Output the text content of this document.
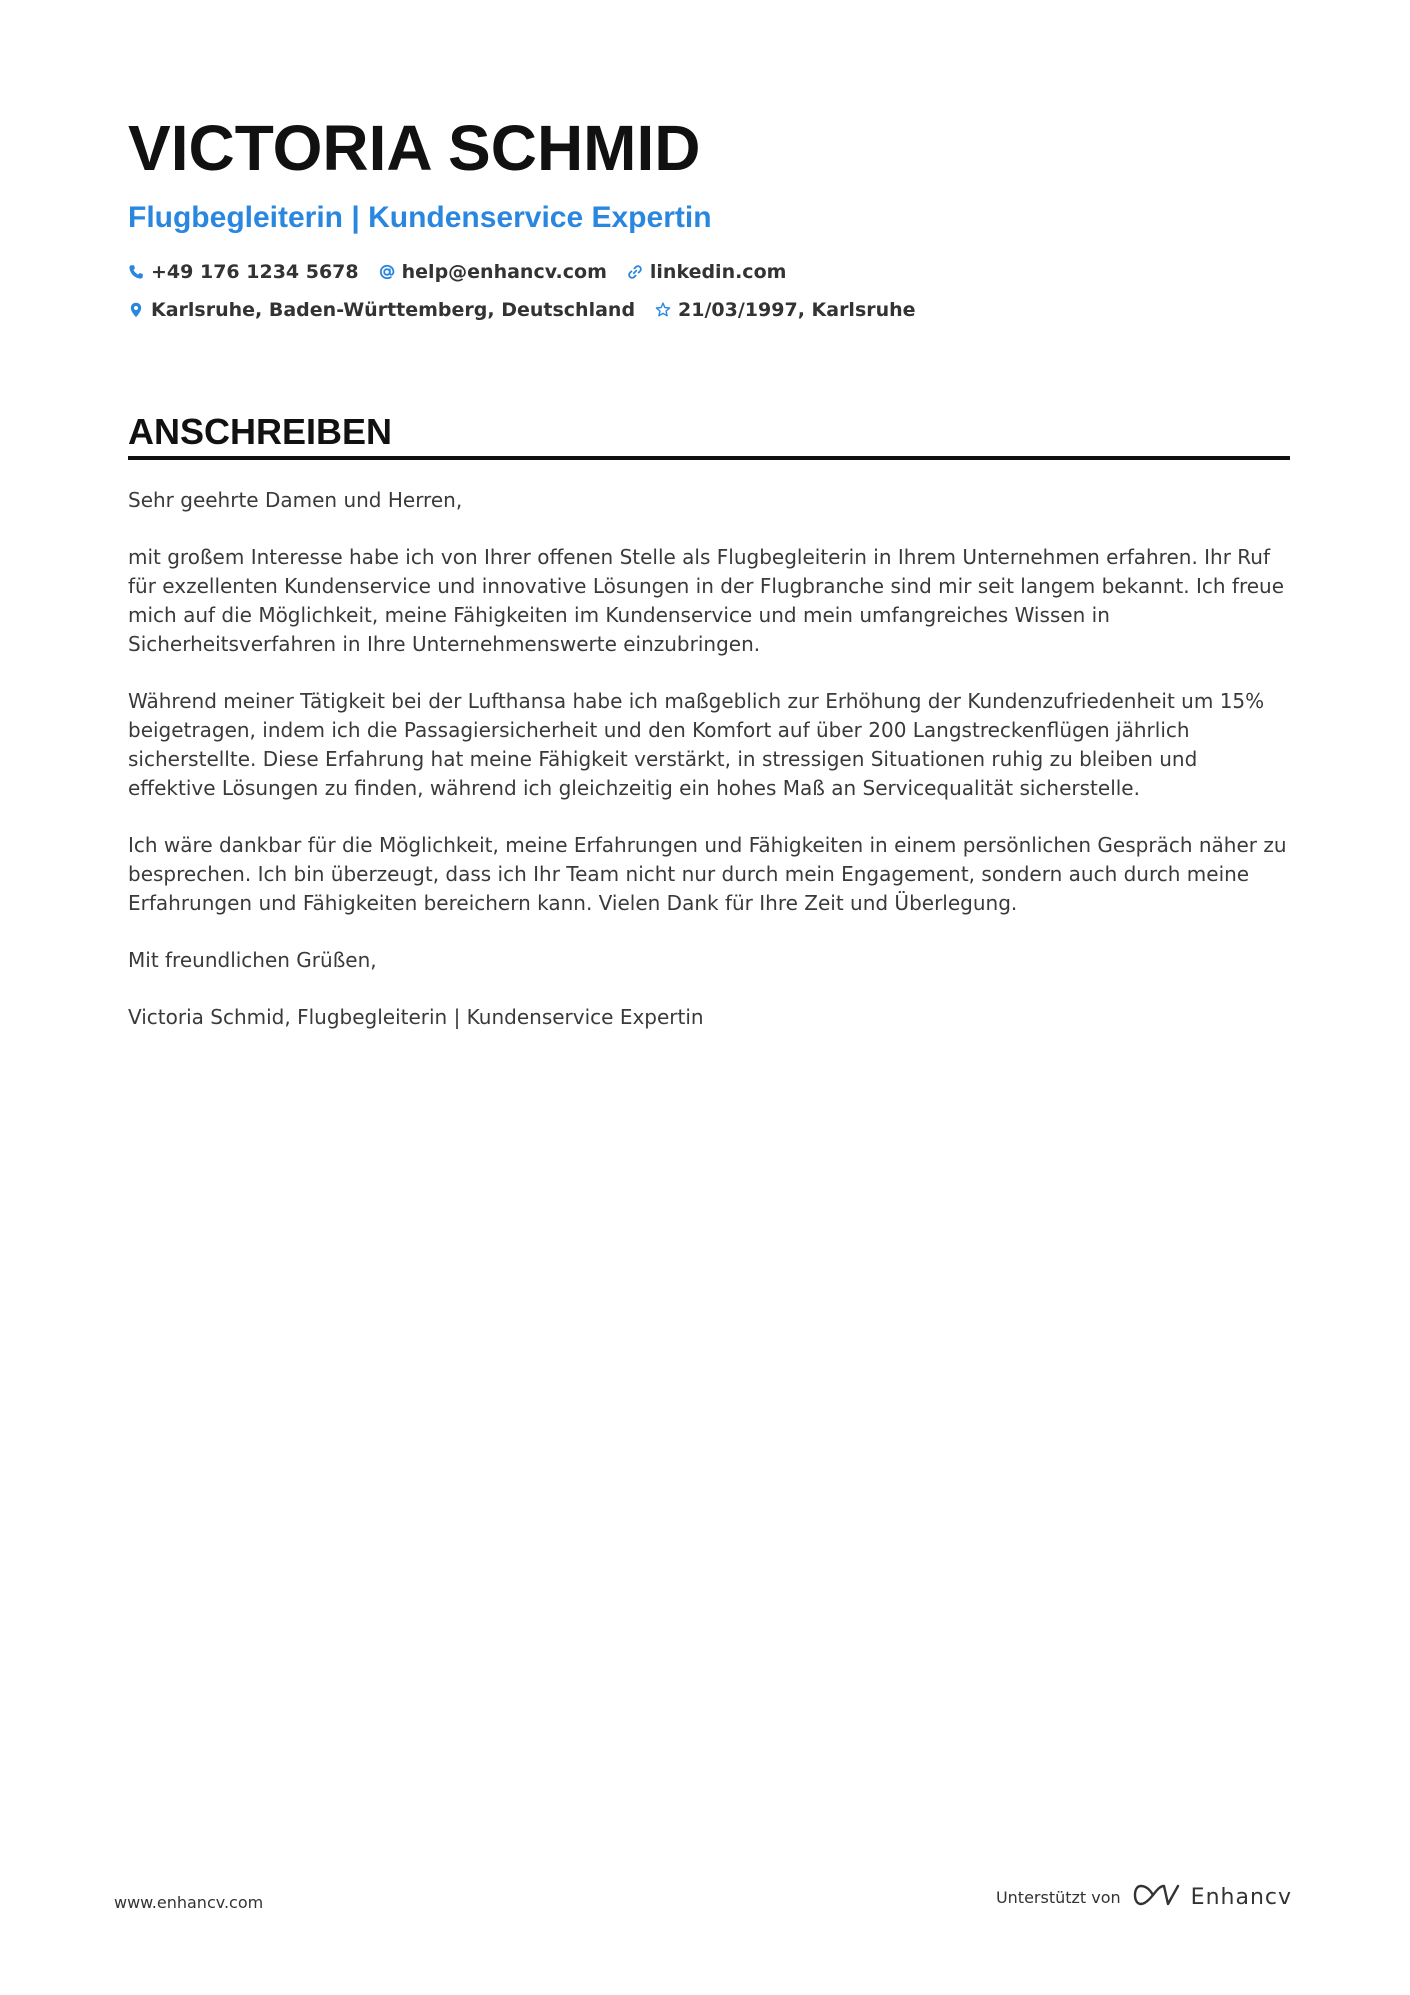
VICTORIA SCHMID
Flugbegleiterin | Kundenservice Expertin
+49 176 1234 5678 help@enhancv.com linkedin.com
Karlsruhe, Baden-Württemberg, Deutschland 21/03/1997, Karlsruhe
ANSCHREIBEN

Sehr geehrte Damen und Herren,

mit großem Interesse habe ich von Ihrer offenen Stelle als Flugbegleiterin in Ihrem Unternehmen erfahren. Ihr Ruf für exzellenten Kundenservice und innovative Lösungen in der Flugbranche sind mir seit langem bekannt. Ich freue mich auf die Möglichkeit, meine Fähigkeiten im Kundenservice und mein umfangreiches Wissen in Sicherheitsverfahren in Ihre Unternehmenswerte einzubringen.

Während meiner Tätigkeit bei der Lufthansa habe ich maßgeblich zur Erhöhung der Kundenzufriedenheit um 15% beigetragen, indem ich die Passagiersicherheit und den Komfort auf über 200 Langstreckenflügen jährlich sicherstellte. Diese Erfahrung hat meine Fähigkeit verstärkt, in stressigen Situationen ruhig zu bleiben und effektive Lösungen zu finden, während ich gleichzeitig ein hohes Maß an Servicequalität sicherstelle.

Ich wäre dankbar für die Möglichkeit, meine Erfahrungen und Fähigkeiten in einem persönlichen Gespräch näher zu besprechen. Ich bin überzeugt, dass ich Ihr Team nicht nur durch mein Engagement, sondern auch durch meine Erfahrungen und Fähigkeiten bereichern kann. Vielen Dank für Ihre Zeit und Überlegung.

Mit freundlichen Grüßen,

Victoria Schmid, Flugbegleiterin | Kundenservice Expertin

www.enhancv.com	Unterstützt von	Enhancv
